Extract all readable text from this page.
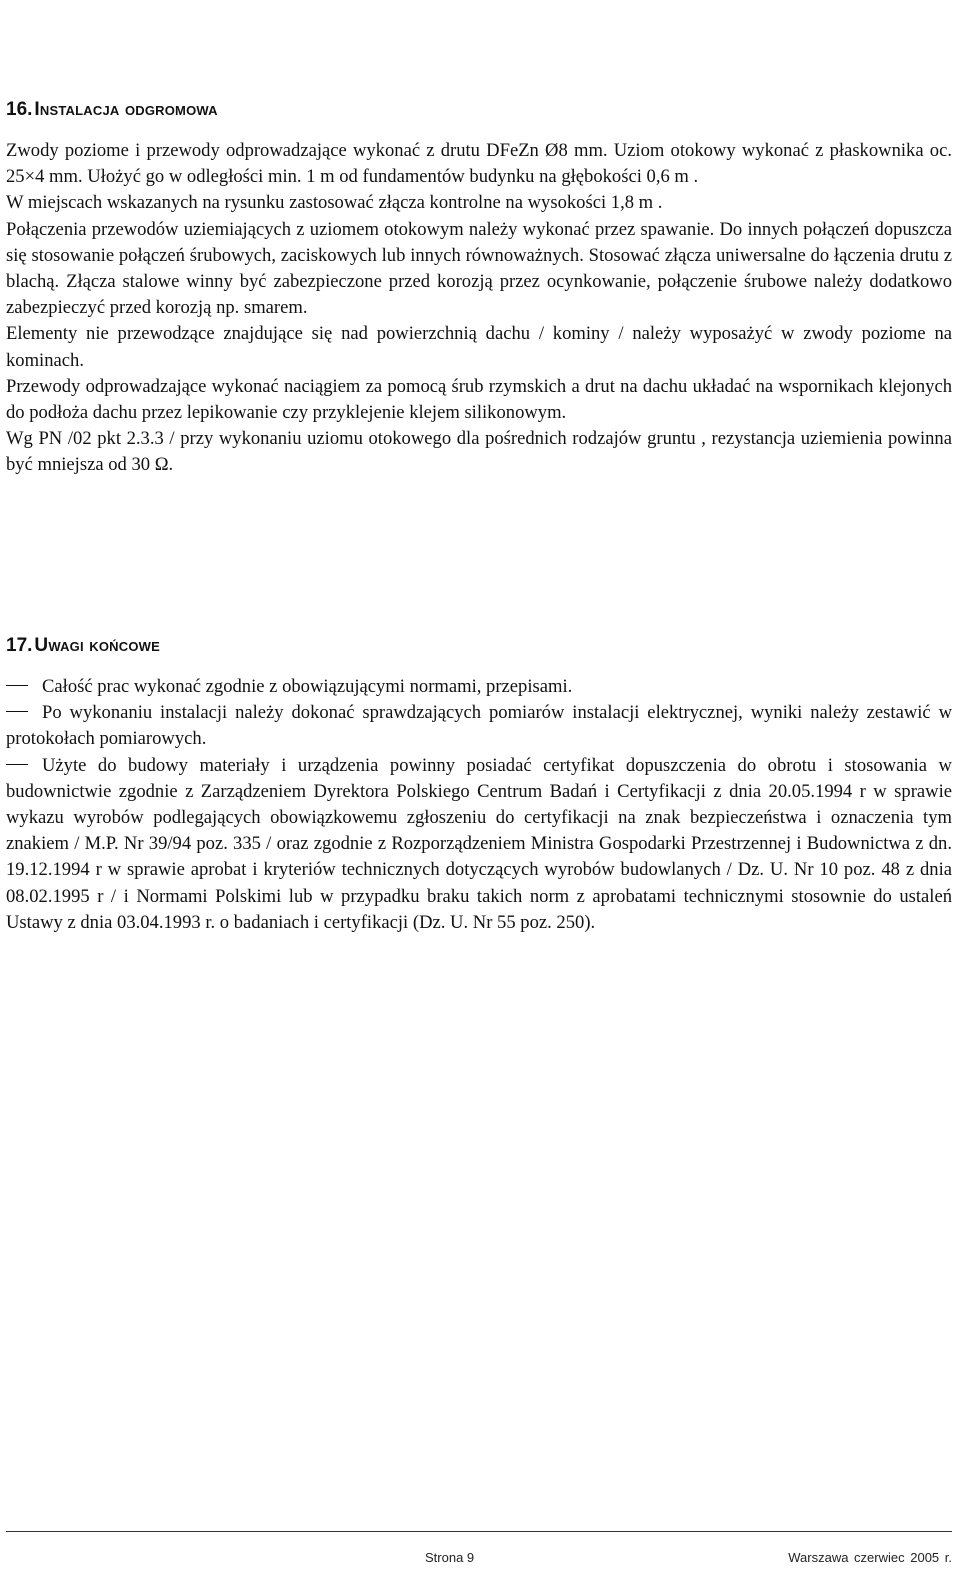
16. Instalacja odgromowa

Zwody poziome i przewody odprowadzające wykonać z drutu DFeZn Ø8 mm. Uziom otokowy wykonać z płaskownika oc. 25×4 mm. Ułożyć go w odległości min. 1 m od fundamentów budynku na głębokości 0,6 m .

W miejscach wskazanych na rysunku zastosować złącza kontrolne na wysokości 1,8 m .

Połączenia przewodów uziemiających z uziomem otokowym należy wykonać przez spawanie. Do innych połączeń dopuszcza się stosowanie połączeń śrubowych, zaciskowych lub innych równoważnych. Stosować złącza uniwersalne do łączenia drutu z blachą. Złącza stalowe winny być zabezpieczone przed korozją przez ocynkowanie, połączenie śrubowe należy dodatkowo zabezpieczyć przed korozją np. smarem.

Elementy nie przewodzące znajdujące się nad powierzchnią dachu / kominy / należy wyposażyć w zwody poziome na kominach.

Przewody odprowadzające wykonać naciągiem za pomocą śrub rzymskich a drut na dachu układać na wspornikach klejonych do podłoża dachu przez lepikowanie czy przyklejenie klejem silikonowym.

Wg PN /02 pkt 2.3.3 / przy wykonaniu uziomu otokowego dla pośrednich rodzajów gruntu , rezystancja uziemienia powinna być mniejsza od 30 Ω.

17. Uwagi końcowe

Całość prac wykonać zgodnie z obowiązującymi normami, przepisami.

Po wykonaniu instalacji należy dokonać sprawdzających pomiarów instalacji elektrycznej, wyniki należy zestawić w protokołach pomiarowych.

Użyte do budowy materiały i urządzenia powinny posiadać certyfikat dopuszczenia do obrotu i stosowania w budownictwie zgodnie z Zarządzeniem Dyrektora Polskiego Centrum Badań i Certyfikacji z dnia 20.05.1994 r w sprawie wykazu wyrobów podlegających obowiązkowemu zgłoszeniu do certyfikacji na znak bezpieczeństwa i oznaczenia tym znakiem / M.P. Nr 39/94 poz. 335 / oraz zgodnie z Rozporządzeniem Ministra Gospodarki Przestrzennej i Budownictwa z dn. 19.12.1994 r w sprawie aprobat i kryteriów technicznych dotyczących wyrobów budowlanych / Dz. U. Nr 10 poz. 48 z dnia 08.02.1995 r / i Normami Polskimi lub w przypadku braku takich norm z aprobatami technicznymi stosownie do ustaleń Ustawy z dnia 03.04.1993 r. o badaniach i certyfikacji (Dz. U. Nr 55 poz. 250).

Strona 9	Warszawa czerwiec 2005 r.
